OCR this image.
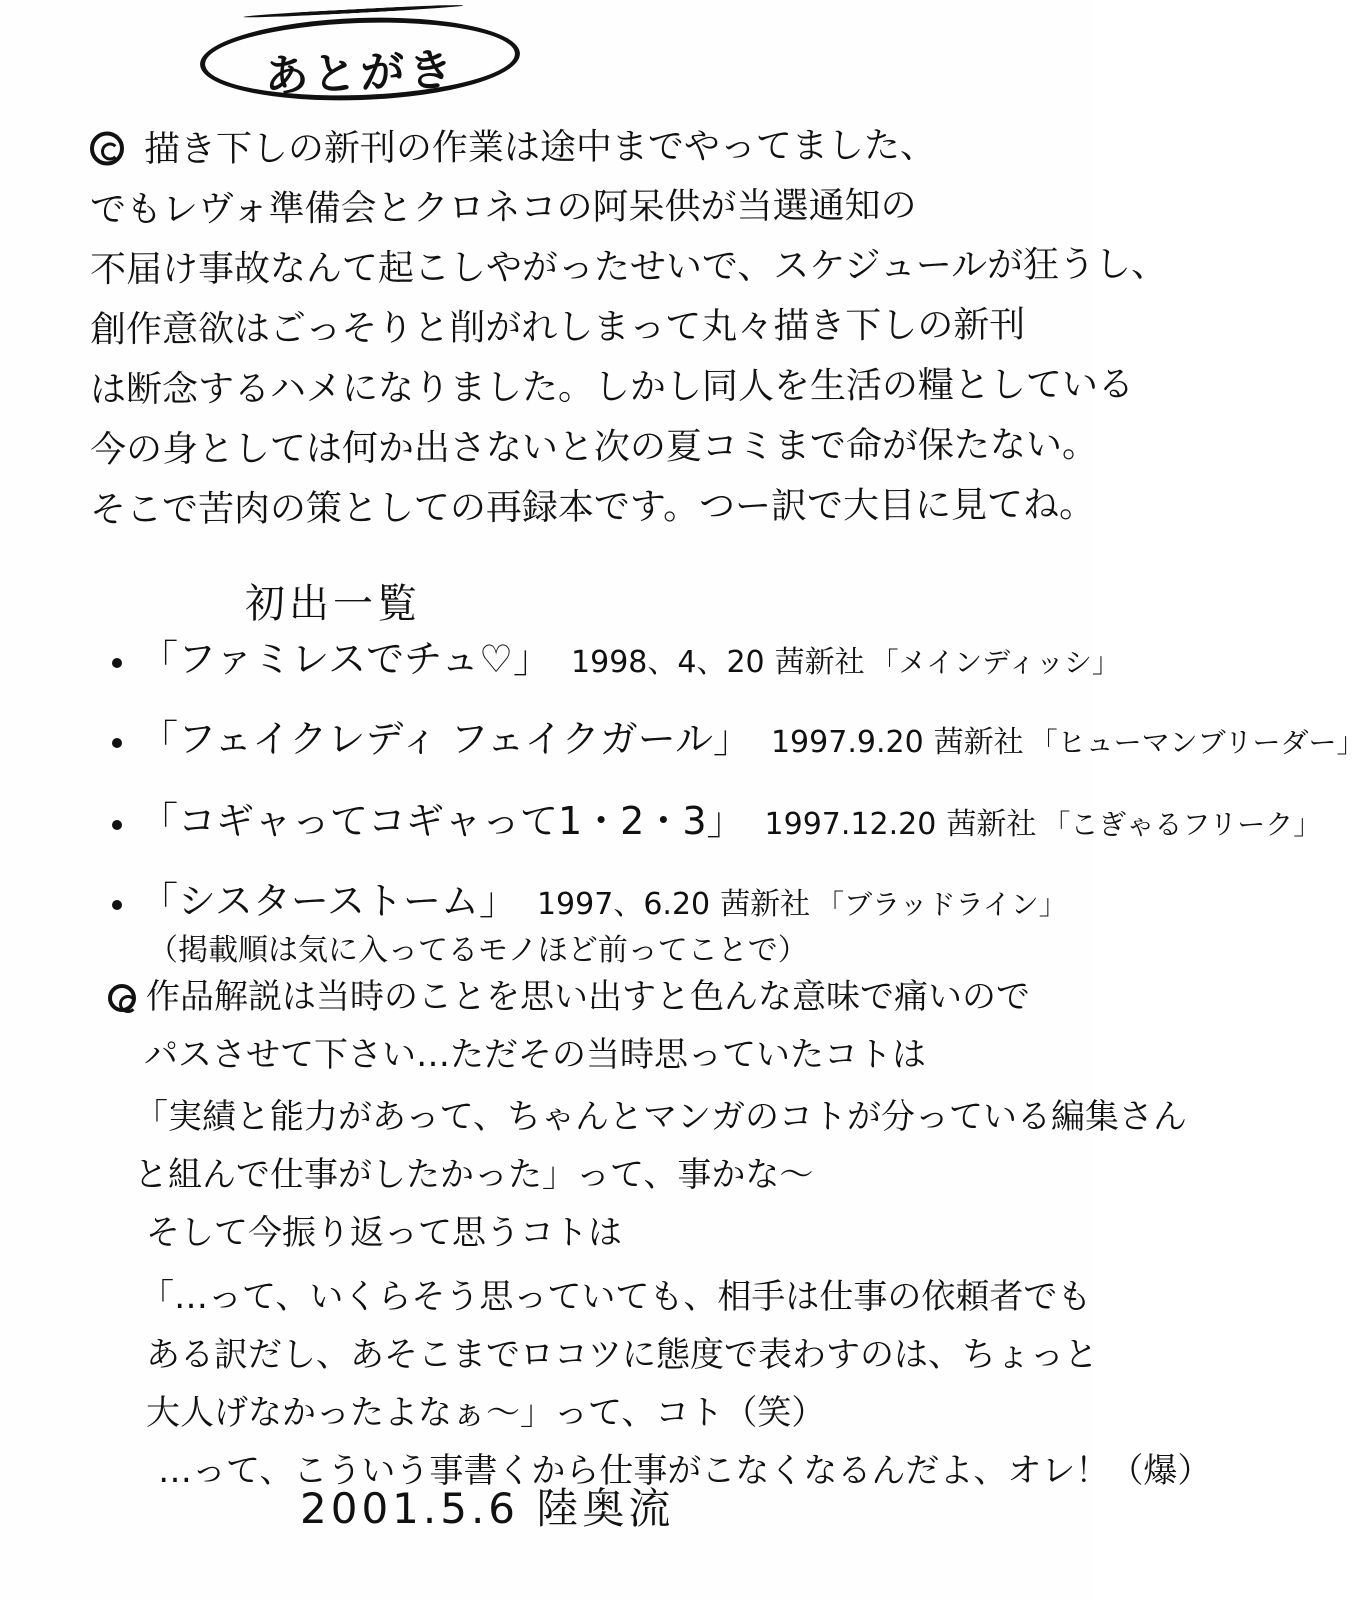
あとがき
描き下しの新刊の作業は途中までやってました、
でもレヴォ準備会とクロネコの阿呆供が当選通知の
不届け事故なんて起こしやがったせいで、スケジュールが狂うし、
創作意欲はごっそりと削がれしまって丸々描き下しの新刊
は断念するハメになりました。しかし同人を生活の糧としている
今の身としては何か出さないと次の夏コミまで命が保たない。
そこで苦肉の策としての再録本です。つー訳で大目に見てね。
初出一覧
「ファミレスでチュ♡」 1998、4、20 茜新社 「メインディッシ」
「フェイクレディ フェイクガール」 1997.9.20 茜新社 「ヒューマンブリーダー」
「コギャってコギャって1・2・3」 1997.12.20 茜新社 「こぎゃるフリーク」
「シスターストーム」 1997、6.20 茜新社 「ブラッドライン」
（掲載順は気に入ってるモノほど前ってことで）
作品解説は当時のことを思い出すと色んな意味で痛いので
パスさせて下さい…ただその当時思っていたコトは
「実績と能力があって、ちゃんとマンガのコトが分っている編集さん
と組んで仕事がしたかった」って、事かな〜
そして今振り返って思うコトは
「…って、いくらそう思っていても、相手は仕事の依頼者でも
ある訳だし、あそこまでロコツに態度で表わすのは、ちょっと
大人げなかったよなぁ〜」って、コト（笑）
…って、こういう事書くから仕事がこなくなるんだよ、オレ！（爆）
2001.5.6 陸奥流
